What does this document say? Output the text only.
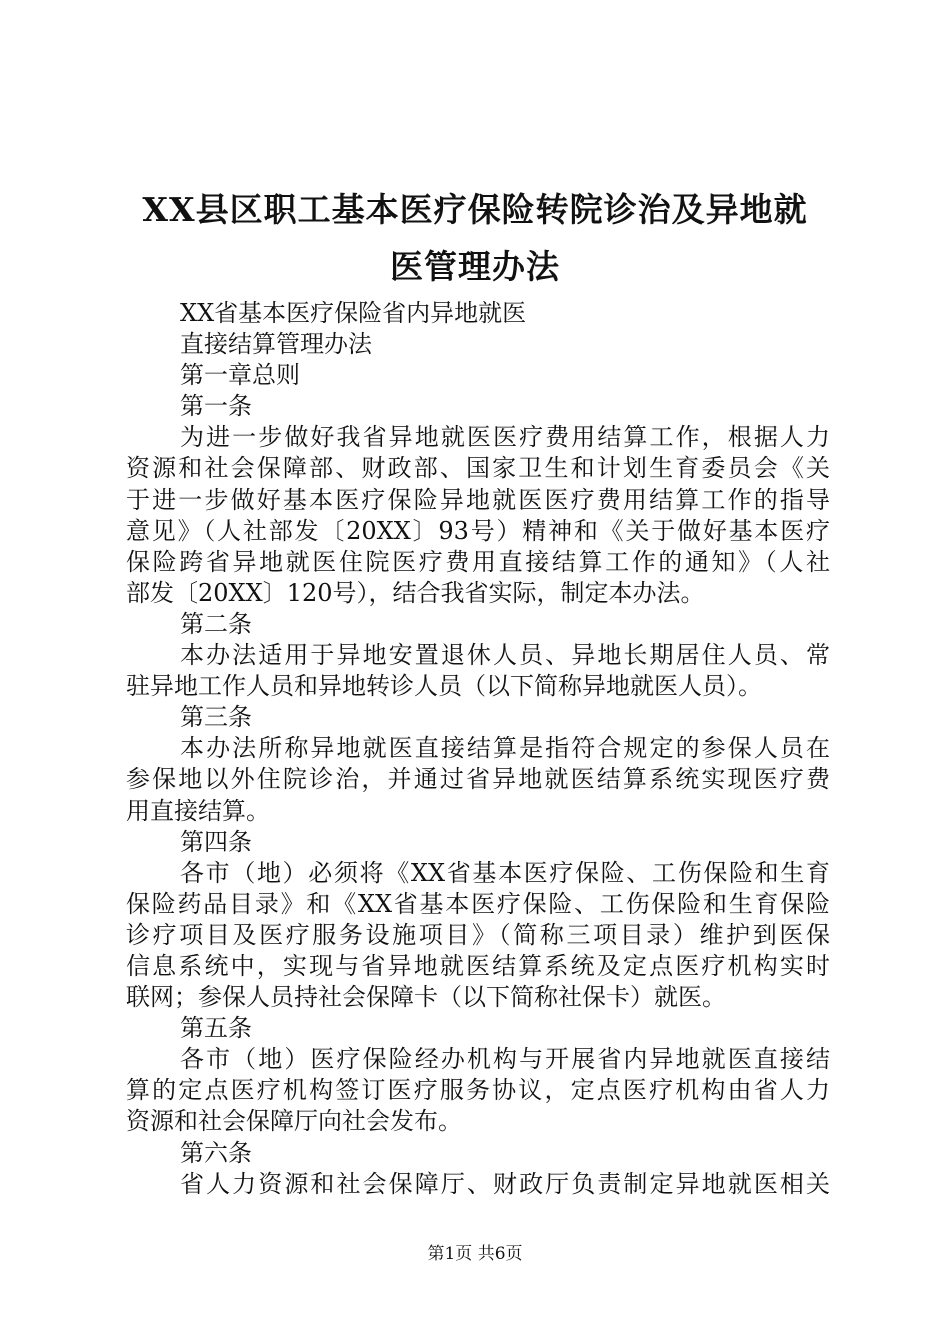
XX县区职工基本医疗保险转院诊治及异地就
医管理办法
XX省基本医疗保险省内异地就医
直接结算管理办法
第一章总则
第一条
为进一步做好我省异地就医医疗费用结算工作，根据人力
资源和社会保障部、财政部、国家卫生和计划生育委员会《关
于进一步做好基本医疗保险异地就医医疗费用结算工作的指导
意见》（人社部发〔20XX〕93号）精神和《关于做好基本医疗
保险跨省异地就医住院医疗费用直接结算工作的通知》（人社
部发〔20XX〕120号），结合我省实际，制定本办法。
第二条
本办法适用于异地安置退休人员、异地长期居住人员、常
驻异地工作人员和异地转诊人员（以下简称异地就医人员）。
第三条
本办法所称异地就医直接结算是指符合规定的参保人员在
参保地以外住院诊治，并通过省异地就医结算系统实现医疗费
用直接结算。
第四条
各市（地）必须将《XX省基本医疗保险、工伤保险和生育
保险药品目录》和《XX省基本医疗保险、工伤保险和生育保险
诊疗项目及医疗服务设施项目》（简称三项目录）维护到医保
信息系统中，实现与省异地就医结算系统及定点医疗机构实时
联网；参保人员持社会保障卡（以下简称社保卡）就医。
第五条
各市（地）医疗保险经办机构与开展省内异地就医直接结
算的定点医疗机构签订医疗服务协议，定点医疗机构由省人力
资源和社会保障厅向社会发布。
第六条
省人力资源和社会保障厅、财政厅负责制定异地就医相关
第1页 共6页
